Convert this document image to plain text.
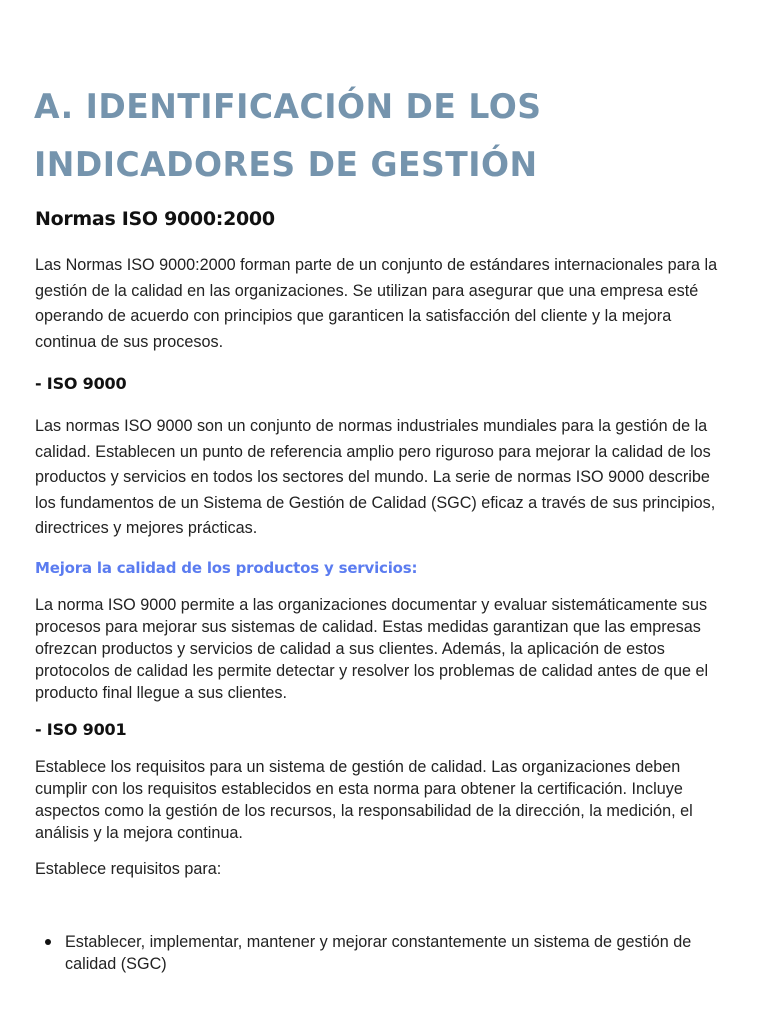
A. IDENTIFICACIÓN DE LOS INDICADORES DE GESTIÓN
Normas ISO 9000:2000

Las Normas ISO 9000:2000 forman parte de un conjunto de estándares internacionales para la gestión de la calidad en las organizaciones. Se utilizan para asegurar que una empresa esté operando de acuerdo con principios que garanticen la satisfacción del cliente y la mejora continua de sus procesos.

- ISO 9000

Las normas ISO 9000 son un conjunto de normas industriales mundiales para la gestión de la calidad. Establecen un punto de referencia amplio pero riguroso para mejorar la calidad de los productos y servicios en todos los sectores del mundo. La serie de normas ISO 9000 describe los fundamentos de un Sistema de Gestión de Calidad (SGC) eficaz a través de sus principios, directrices y mejores prácticas.

Mejora la calidad de los productos y servicios:

La norma ISO 9000 permite a las organizaciones documentar y evaluar sistemáticamente sus procesos para mejorar sus sistemas de calidad. Estas medidas garantizan que las empresas ofrezcan productos y servicios de calidad a sus clientes. Además, la aplicación de estos protocolos de calidad les permite detectar y resolver los problemas de calidad antes de que el producto final llegue a sus clientes.

- ISO 9001

Establece los requisitos para un sistema de gestión de calidad. Las organizaciones deben cumplir con los requisitos establecidos en esta norma para obtener la certificación. Incluye aspectos como la gestión de los recursos, la responsabilidad de la dirección, la medición, el análisis y la mejora continua.

Establece requisitos para:

Establecer, implementar, mantener y mejorar constantemente un sistema de gestión de calidad (SGC)
